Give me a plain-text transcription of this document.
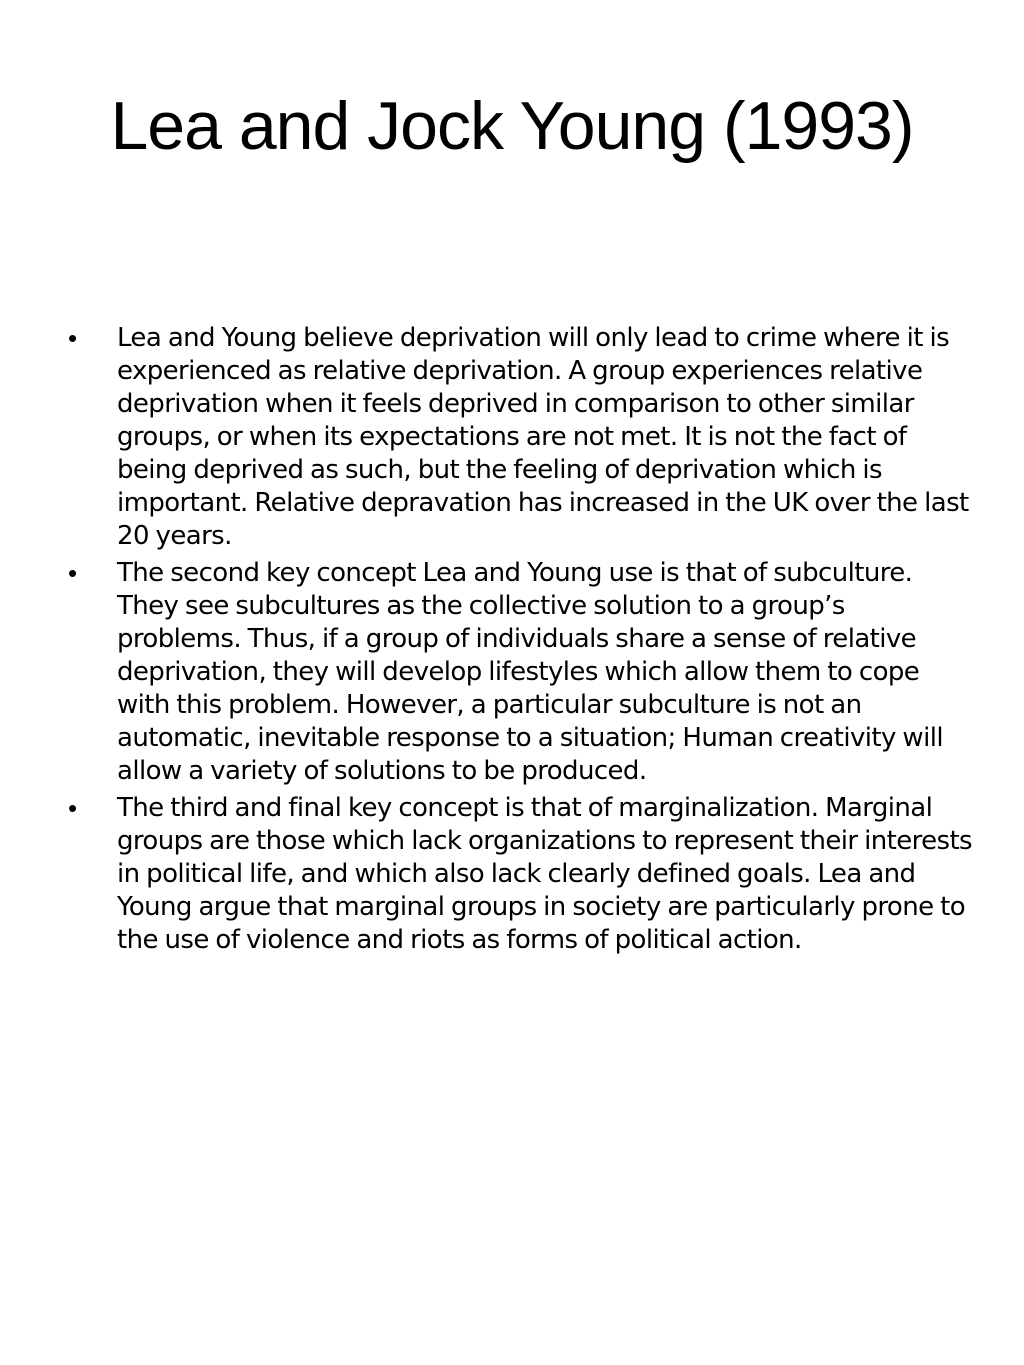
Lea and Jock Young (1993)
• Lea and Young believe deprivation will only lead to crime where it is experienced as relative deprivation. A group experiences relative deprivation when it feels deprived in comparison to other similar groups, or when its expectations are not met. It is not the fact of being deprived as such, but the feeling of deprivation which is important. Relative depravation has increased in the UK over the last 20 years.
• The second key concept Lea and Young use is that of subculture. They see subcultures as the collective solution to a group’s problems. Thus, if a group of individuals share a sense of relative deprivation, they will develop lifestyles which allow them to cope with this problem. However, a particular subculture is not an automatic, inevitable response to a situation; Human creativity will allow a variety of solutions to be produced.
• The third and final key concept is that of marginalization. Marginal groups are those which lack organizations to represent their interests in political life, and which also lack clearly defined goals. Lea and Young argue that marginal groups in society are particularly prone to the use of violence and riots as forms of political action.
